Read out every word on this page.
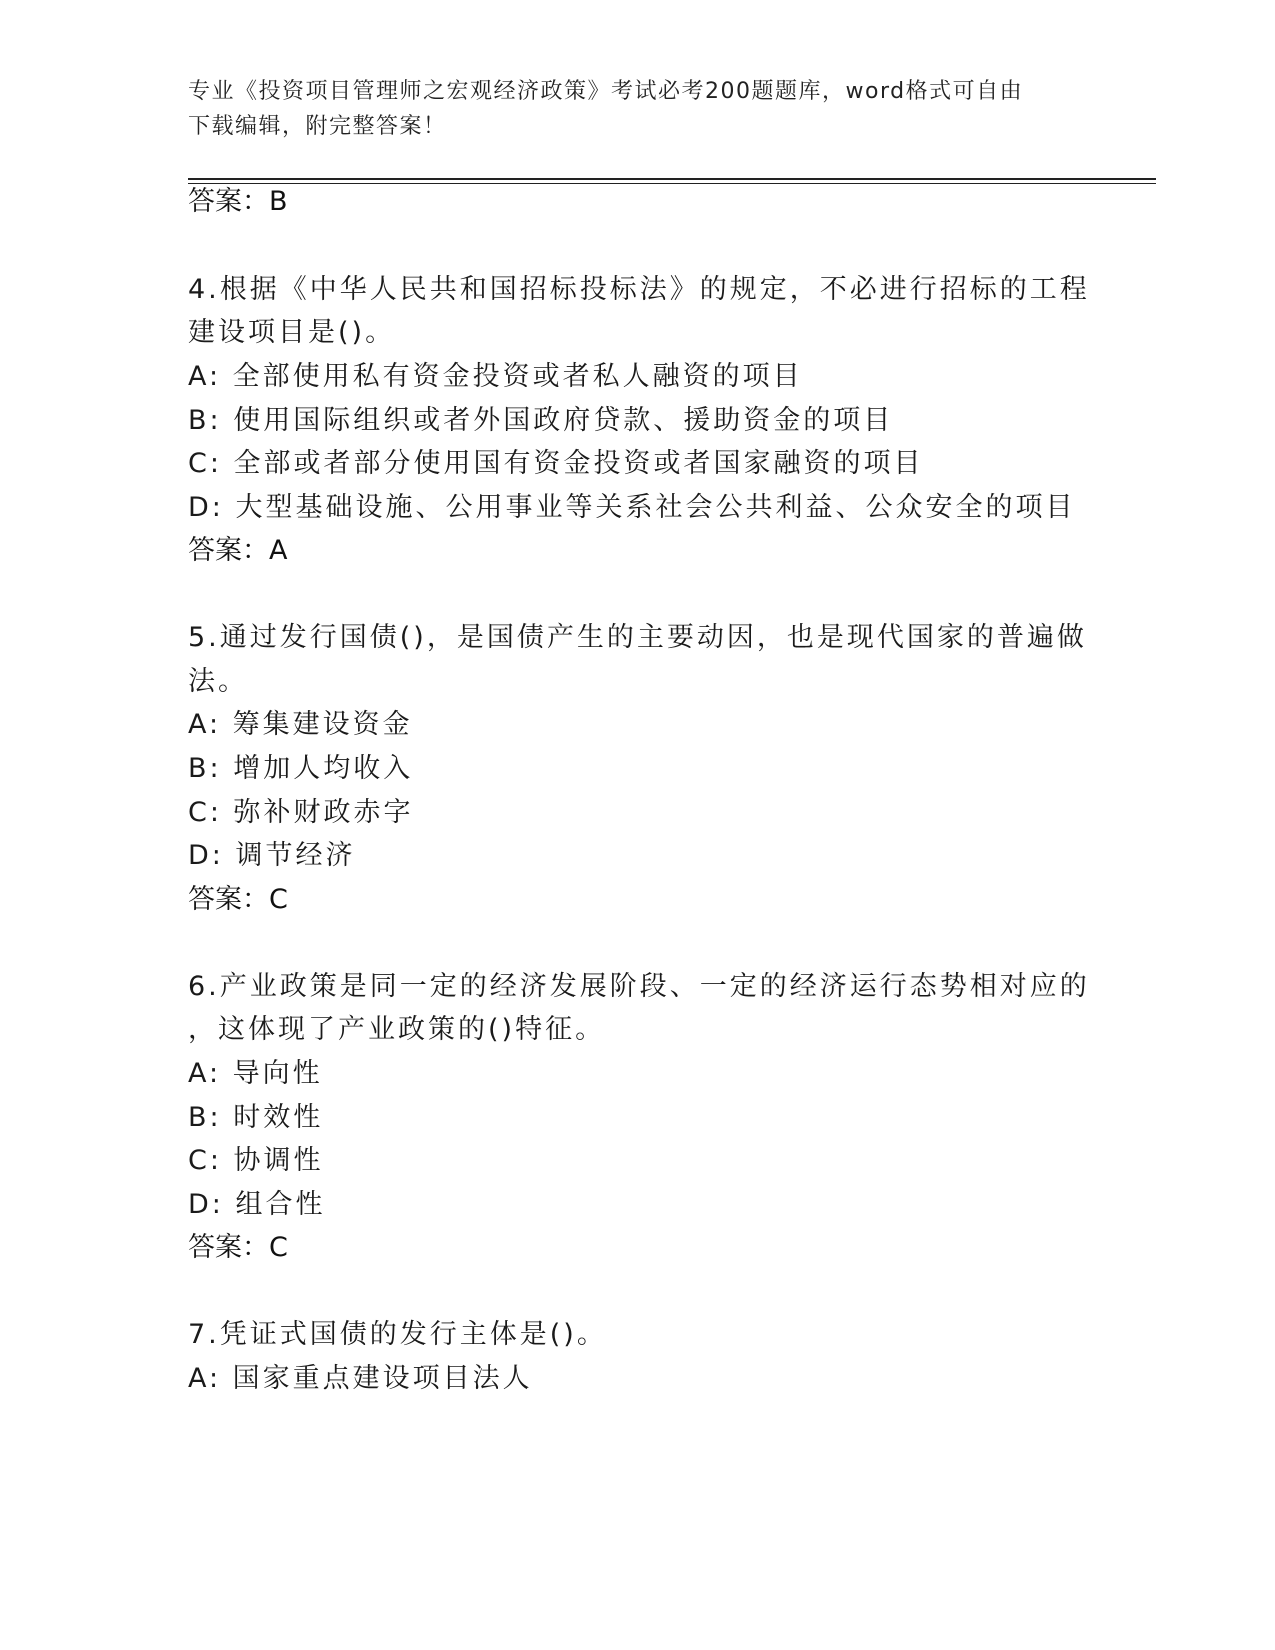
专业《投资项目管理师之宏观经济政策》考试必考200题题库，word格式可自由
下载编辑，附完整答案！
答案：B
4.根据《中华人民共和国招标投标法》的规定，不必进行招标的工程
建设项目是()。
A: 全部使用私有资金投资或者私人融资的项目
B: 使用国际组织或者外国政府贷款、援助资金的项目
C: 全部或者部分使用国有资金投资或者国家融资的项目
D: 大型基础设施、公用事业等关系社会公共利益、公众安全的项目
答案：A
5.通过发行国债()，是国债产生的主要动因，也是现代国家的普遍做
法。
A: 筹集建设资金
B: 增加人均收入
C: 弥补财政赤字
D: 调节经济
答案：C
6.产业政策是同一定的经济发展阶段、一定的经济运行态势相对应的
，这体现了产业政策的()特征。
A: 导向性
B: 时效性
C: 协调性
D: 组合性
答案：C
7.凭证式国债的发行主体是()。
A: 国家重点建设项目法人
